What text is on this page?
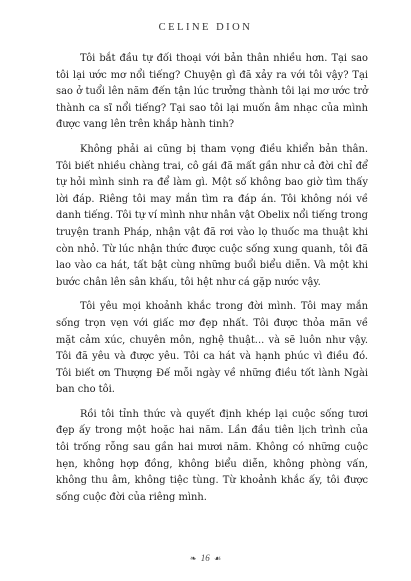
CELINE DION

Tôi bắt đầu tự đối thoại với bản thân nhiều hơn. Tại sao tôi lại ước mơ nổi tiếng? Chuyện gì đã xảy ra với tôi vậy? Tại sao ở tuổi lên năm đến tận lúc trưởng thành tôi lại mơ ước trở thành ca sĩ nổi tiếng? Tại sao tôi lại muốn âm nhạc của mình được vang lên trên khắp hành tinh?

Không phải ai cũng bị tham vọng điều khiển bản thân. Tôi biết nhiều chàng trai, cô gái đã mất gần như cả đời chỉ để tự hỏi mình sinh ra để làm gì. Một số không bao giờ tìm thấy lời đáp. Riêng tôi may mắn tìm ra đáp án. Tôi không nói về danh tiếng. Tôi tự ví mình như nhân vật Obelix nổi tiếng trong truyện tranh Pháp, nhận vật đã rơi vào lọ thuốc ma thuật khi còn nhỏ. Từ lúc nhận thức được cuộc sống xung quanh, tôi đã lao vào ca hát, tất bật cùng những buổi biểu diễn. Và một khi bước chân lên sân khấu, tôi hệt như cá gặp nước vậy.

Tôi yêu mọi khoảnh khắc trong đời mình. Tôi may mắn sống trọn vẹn với giấc mơ đẹp nhất. Tôi được thỏa mãn về mặt cảm xúc, chuyên môn, nghệ thuật... và sẽ luôn như vậy. Tôi đã yêu và được yêu. Tôi ca hát và hạnh phúc vì điều đó. Tôi biết ơn Thượng Đế mỗi ngày về những điều tốt lành Ngài ban cho tôi.

Rồi tôi tỉnh thức và quyết định khép lại cuộc sống tươi đẹp ấy trong một hoặc hai năm. Lần đầu tiên lịch trình của tôi trống rỗng sau gần hai mươi năm. Không có những cuộc hẹn, không hợp đồng, không biểu diễn, không phòng vấn, không thu âm, không tiệc tùng. Từ khoảnh khắc ấy, tôi được sống cuộc đời của riêng mình.

❧ 16 ☙
